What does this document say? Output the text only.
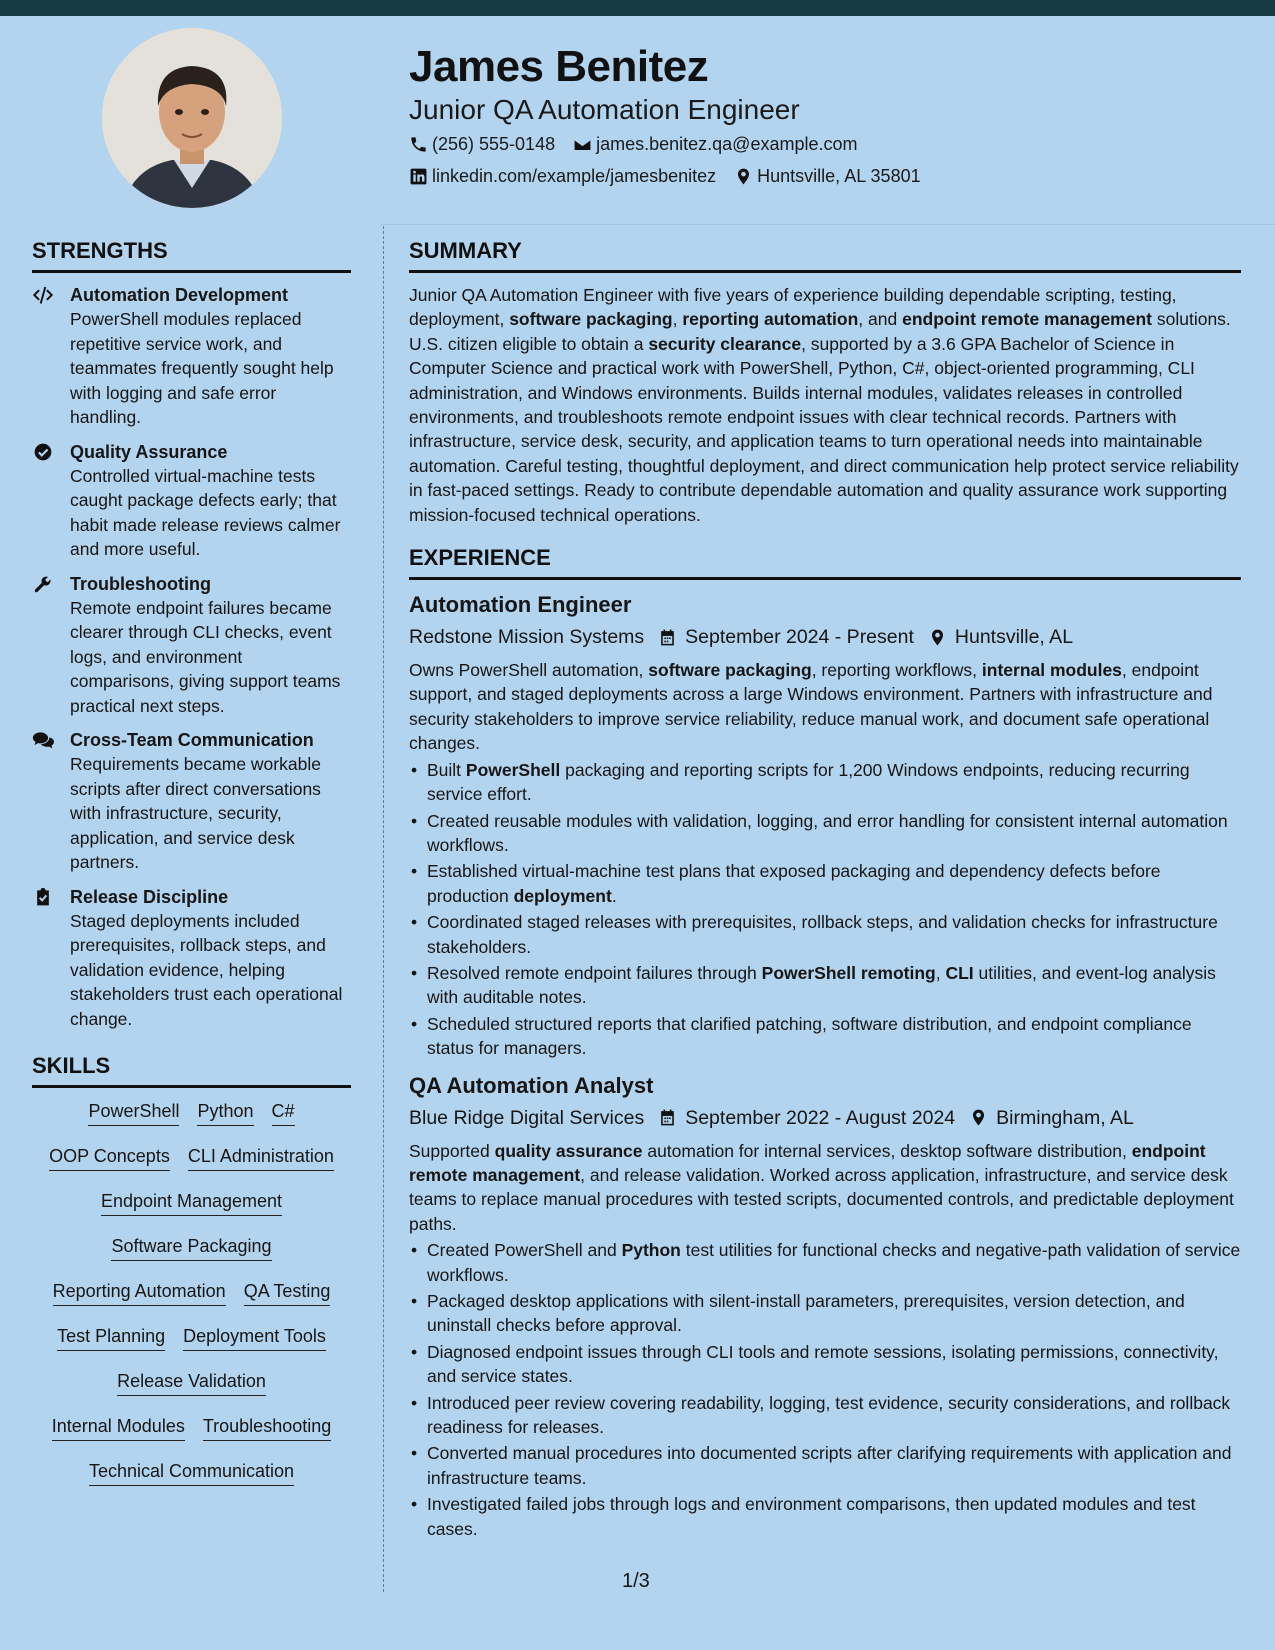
James Benitez
Junior QA Automation Engineer
(256) 555-0148 james.benitez.qa@example.com
linkedin.com/example/jamesbenitez Huntsville, AL 35801
STRENGTHS
Automation Development
PowerShell modules replaced repetitive service work, and teammates frequently sought help with logging and safe error handling.
Quality Assurance
Controlled virtual-machine tests caught package defects early; that habit made release reviews calmer and more useful.
Troubleshooting
Remote endpoint failures became clearer through CLI checks, event logs, and environment comparisons, giving support teams practical next steps.
Cross-Team Communication
Requirements became workable scripts after direct conversations with infrastructure, security, application, and service desk partners.
Release Discipline
Staged deployments included prerequisites, rollback steps, and validation evidence, helping stakeholders trust each operational change.
SKILLS
PowerShell Python C#
OOP Concepts CLI Administration
Endpoint Management
Software Packaging
Reporting Automation QA Testing
Test Planning Deployment Tools
Release Validation
Internal Modules Troubleshooting
Technical Communication
SUMMARY

Junior QA Automation Engineer with five years of experience building dependable scripting, testing, deployment, software packaging, reporting automation, and endpoint remote management solutions. U.S. citizen eligible to obtain a security clearance, supported by a 3.6 GPA Bachelor of Science in Computer Science and practical work with PowerShell, Python, C#, object-oriented programming, CLI administration, and Windows environments. Builds internal modules, validates releases in controlled environments, and troubleshoots remote endpoint issues with clear technical records. Partners with infrastructure, service desk, security, and application teams to turn operational needs into maintainable automation. Careful testing, thoughtful deployment, and direct communication help protect service reliability in fast-paced settings. Ready to contribute dependable automation and quality assurance work supporting mission-focused technical operations.

EXPERIENCE
Automation Engineer
Redstone Mission Systems September 2024 - Present Huntsville, AL

Owns PowerShell automation, software packaging, reporting workflows, internal modules, endpoint support, and staged deployments across a large Windows environment. Partners with infrastructure and security stakeholders to improve service reliability, reduce manual work, and document safe operational changes.

• Built PowerShell packaging and reporting scripts for 1,200 Windows endpoints, reducing recurring service effort.
• Created reusable modules with validation, logging, and error handling for consistent internal automation workflows.
• Established virtual-machine test plans that exposed packaging and dependency defects before production deployment.
• Coordinated staged releases with prerequisites, rollback steps, and validation checks for infrastructure stakeholders.
• Resolved remote endpoint failures through PowerShell remoting, CLI utilities, and event-log analysis with auditable notes.
• Scheduled structured reports that clarified patching, software distribution, and endpoint compliance status for managers.
QA Automation Analyst
Blue Ridge Digital Services September 2022 - August 2024 Birmingham, AL

Supported quality assurance automation for internal services, desktop software distribution, endpoint remote management, and release validation. Worked across application, infrastructure, and service desk teams to replace manual procedures with tested scripts, documented controls, and predictable deployment paths.

• Created PowerShell and Python test utilities for functional checks and negative-path validation of service workflows.
• Packaged desktop applications with silent-install parameters, prerequisites, version detection, and uninstall checks before approval.
• Diagnosed endpoint issues through CLI tools and remote sessions, isolating permissions, connectivity, and service states.
• Introduced peer review covering readability, logging, test evidence, security considerations, and rollback readiness for releases.
• Converted manual procedures into documented scripts after clarifying requirements with application and infrastructure teams.
• Investigated failed jobs through logs and environment comparisons, then updated modules and test cases.
1/3
